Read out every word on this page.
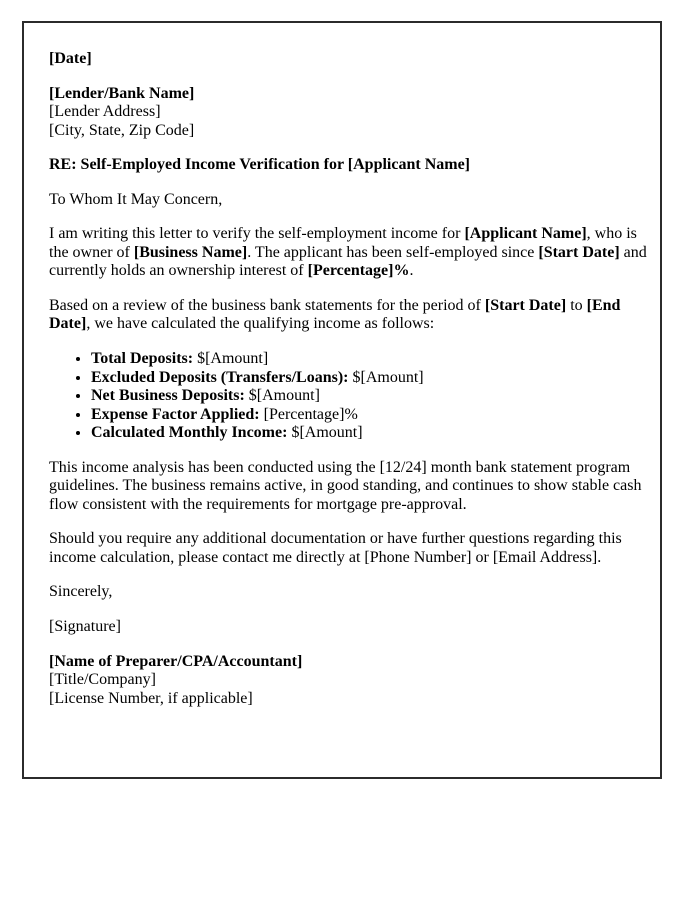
[Date]

[Lender/Bank Name]
[Lender Address]
[City, State, Zip Code]

RE: Self-Employed Income Verification for [Applicant Name]

To Whom It May Concern,

I am writing this letter to verify the self-employment income for [Applicant Name], who is the owner of [Business Name]. The applicant has been self-employed since [Start Date] and currently holds an ownership interest of [Percentage]%.

Based on a review of the business bank statements for the period of [Start Date] to [End Date], we have calculated the qualifying income as follows:

• Total Deposits: $[Amount]
• Excluded Deposits (Transfers/Loans): $[Amount]
• Net Business Deposits: $[Amount]
• Expense Factor Applied: [Percentage]%
• Calculated Monthly Income: $[Amount]

This income analysis has been conducted using the [12/24] month bank statement program guidelines. The business remains active, in good standing, and continues to show stable cash flow consistent with the requirements for mortgage pre-approval.

Should you require any additional documentation or have further questions regarding this income calculation, please contact me directly at [Phone Number] or [Email Address].

Sincerely,

[Signature]

[Name of Preparer/CPA/Accountant]
[Title/Company]
[License Number, if applicable]
